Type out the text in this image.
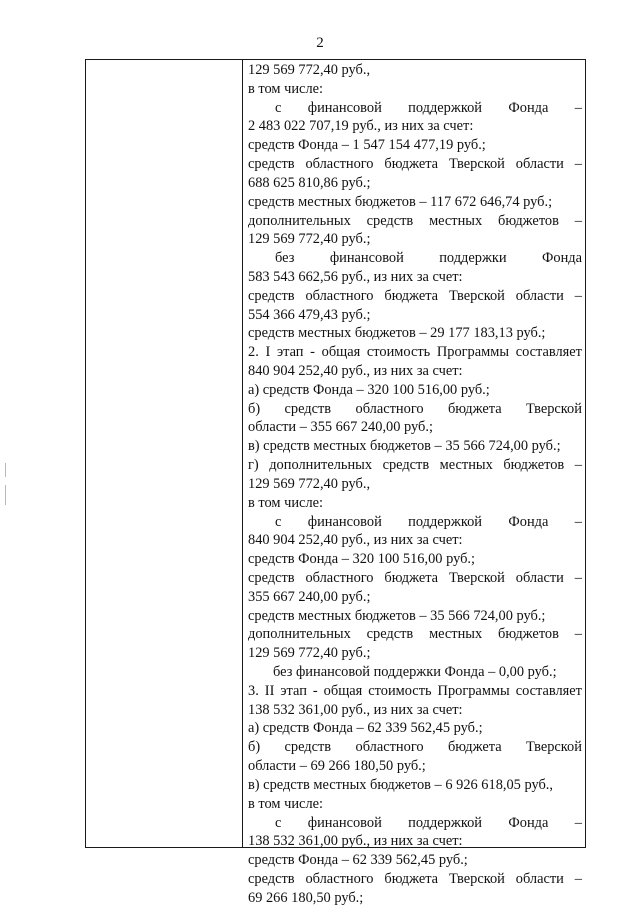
2
129 569 772,40 руб.,
в том числе:
с финансовой поддержкой Фонда –
2 483 022 707,19 руб., из них за счет:
средств Фонда – 1 547 154 477,19 руб.;
средств областного бюджета Тверской области –
688 625 810,86 руб.;
средств местных бюджетов – 117 672 646,74 руб.;
дополнительных средств местных бюджетов –
129 569 772,40 руб.;
без финансовой поддержки Фонда
583 543 662,56 руб., из них за счет:
средств областного бюджета Тверской области –
554 366 479,43 руб.;
средств местных бюджетов – 29 177 183,13 руб.;
2. I этап - общая стоимость Программы составляет
840 904 252,40 руб., из них за счет:
а) средств Фонда – 320 100 516,00 руб.;
б) средств областного бюджета Тверской
области – 355 667 240,00 руб.;
в) средств местных бюджетов – 35 566 724,00 руб.;
г) дополнительных средств местных бюджетов –
129 569 772,40 руб.,
в том числе:
с финансовой поддержкой Фонда –
840 904 252,40 руб., из них за счет:
средств Фонда – 320 100 516,00 руб.;
средств областного бюджета Тверской области –
355 667 240,00 руб.;
средств местных бюджетов – 35 566 724,00 руб.;
дополнительных средств местных бюджетов –
129 569 772,40 руб.;
без финансовой поддержки Фонда – 0,00 руб.;
3. II этап - общая стоимость Программы составляет
138 532 361,00 руб., из них за счет:
а) средств Фонда – 62 339 562,45 руб.;
б) средств областного бюджета Тверской
области – 69 266 180,50 руб.;
в) средств местных бюджетов – 6 926 618,05 руб.,
в том числе:
с финансовой поддержкой Фонда –
138 532 361,00 руб., из них за счет:
средств Фонда – 62 339 562,45 руб.;
средств областного бюджета Тверской области –
69 266 180,50 руб.;
